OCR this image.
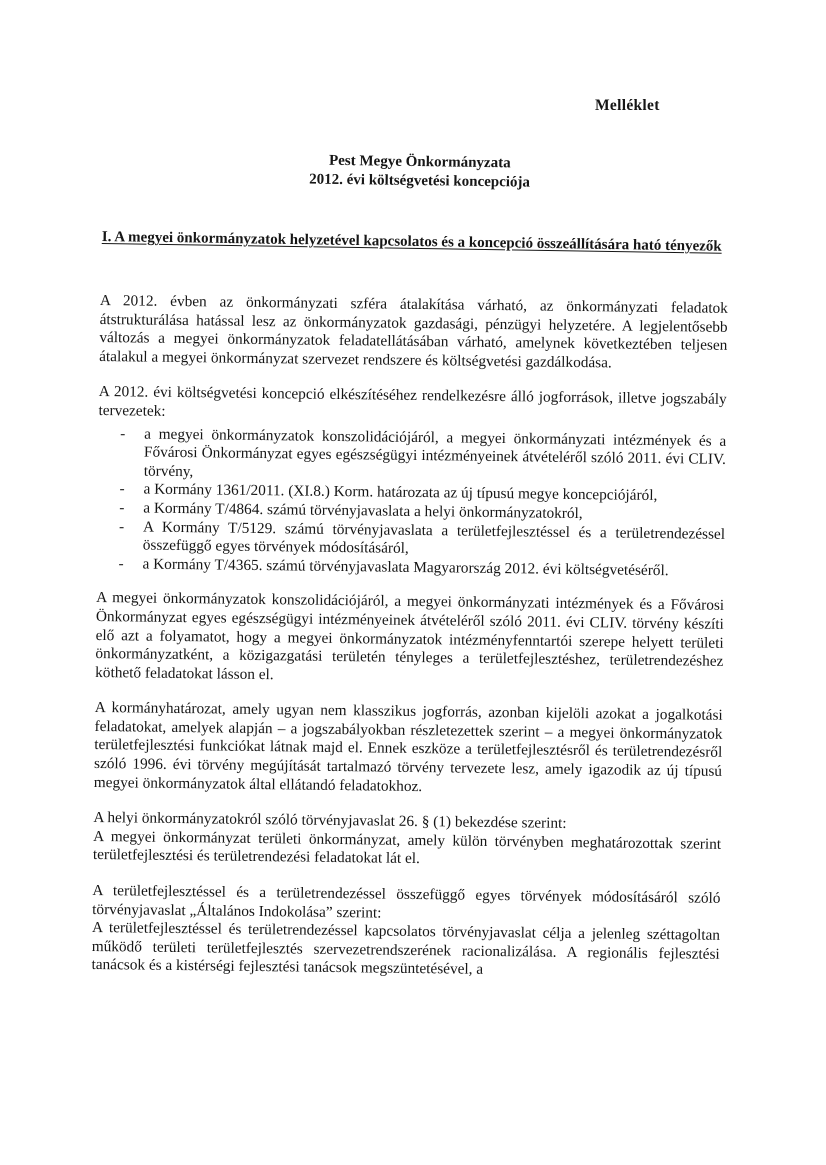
Melléklet
Pest Megye Önkormányzata
2012. évi költségvetési koncepciója
I. A megyei önkormányzatok helyzetével kapcsolatos és a koncepció összeállítására ható tényezők

A 2012. évben az önkormányzati szféra átalakítása várható, az önkormányzati feladatok átstrukturálása hatással lesz az önkormányzatok gazdasági, pénzügyi helyzetére. A legjelentősebb változás a megyei önkormányzatok feladatellátásában várható, amelynek következtében teljesen átalakul a megyei önkormányzat szervezet rendszere és költségvetési gazdálkodása.

A 2012. évi költségvetési koncepció elkészítéséhez rendelkezésre álló jogforrások, illetve jogszabály tervezetek:

- a megyei önkormányzatok konszolidációjáról, a megyei önkormányzati intézmények és a Fővárosi Önkormányzat egyes egészségügyi intézményeinek átvételéről szóló 2011. évi CLIV. törvény,
- a Kormány 1361/2011. (XI.8.) Korm. határozata az új típusú megye koncepciójáról,
- a Kormány T/4864. számú törvényjavaslata a helyi önkormányzatokról,
- A Kormány T/5129. számú törvényjavaslata a területfejlesztéssel és a területrendezéssel összefüggő egyes törvények módosításáról,
- a Kormány T/4365. számú törvényjavaslata Magyarország 2012. évi költségvetéséről.

A megyei önkormányzatok konszolidációjáról, a megyei önkormányzati intézmények és a Fővárosi Önkormányzat egyes egészségügyi intézményeinek átvételéről szóló 2011. évi CLIV. törvény készíti elő azt a folyamatot, hogy a megyei önkormányzatok intézményfenntartói szerepe helyett területi önkormányzatként, a közigazgatási területén tényleges a területfejlesztéshez, területrendezéshez köthető feladatokat lásson el.

A kormányhatározat, amely ugyan nem klasszikus jogforrás, azonban kijelöli azokat a jogalkotási feladatokat, amelyek alapján – a jogszabályokban részletezettek szerint – a megyei önkormányzatok területfejlesztési funkciókat látnak majd el. Ennek eszköze a területfejlesztésről és területrendezésről szóló 1996. évi törvény megújítását tartalmazó törvény tervezete lesz, amely igazodik az új típusú megyei önkormányzatok által ellátandó feladatokhoz.

A helyi önkormányzatokról szóló törvényjavaslat 26. § (1) bekezdése szerint:

A megyei önkormányzat területi önkormányzat, amely külön törvényben meghatározottak szerint területfejlesztési és területrendezési feladatokat lát el.

A területfejlesztéssel és a területrendezéssel összefüggő egyes törvények módosításáról szóló törvényjavaslat „Általános Indokolása” szerint:

A területfejlesztéssel és területrendezéssel kapcsolatos törvényjavaslat célja a jelenleg széttagoltan működő területi területfejlesztés szervezetrendszerének racionalizálása. A regionális fejlesztési tanácsok és a kistérségi fejlesztési tanácsok megszüntetésével, a
